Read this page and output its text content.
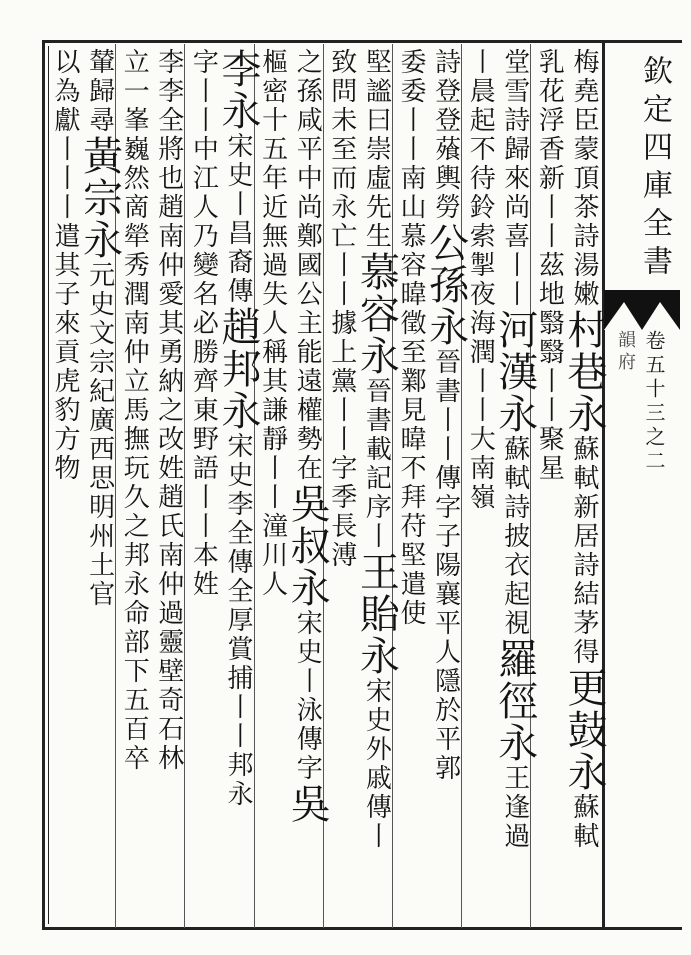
欽定四庫全書
韻府 卷五十三之二
梅堯臣蒙頂茶詩湯嫩村巷永蘇軾新居詩結茅得更鼓永蘇軾
乳花浮香新丨丨茲地翳翳丨丨聚星
堂雪詩歸來尚喜丨丨河漢永蘇軾詩披衣起視羅徑永王逢過
丨晨起不待鈴索掣夜海潤丨丨大南嶺
詩登登蕵輿勞公孫永晉書丨丨傳字子陽襄平人隱於平郭
委委丨丨南山慕容暐徵至鄴見暐不拜苻堅遣使
堅謐曰崇虛先生慕容永晉書載記序丨王貽永宋史外戚傳丨
致問未至而永亡丨丨據上黨丨丨字季長溥
之孫咸平中尚鄭國公主能遠權勢在吳叔永宋史丨泳傳字吳
樞密十五年近無過失人稱其謙靜丨丨潼川人
李永宋史丨昌裔傳趙邦永宋史李全傳全厚賞捕丨丨邦永
字丨丨中江人乃變名必勝齊東野語丨丨本姓
李李全將也趙南仲愛其勇納之改姓趙氏南仲過靈壁奇石林
立一峯巍然啇犖秀潤南仲立馬撫玩久之邦永命部下五百卒
輦歸尋黃宗永元史文宗紀廣西思明州土官
以為獻丨丨丨遣其子來貢虎豹方物
